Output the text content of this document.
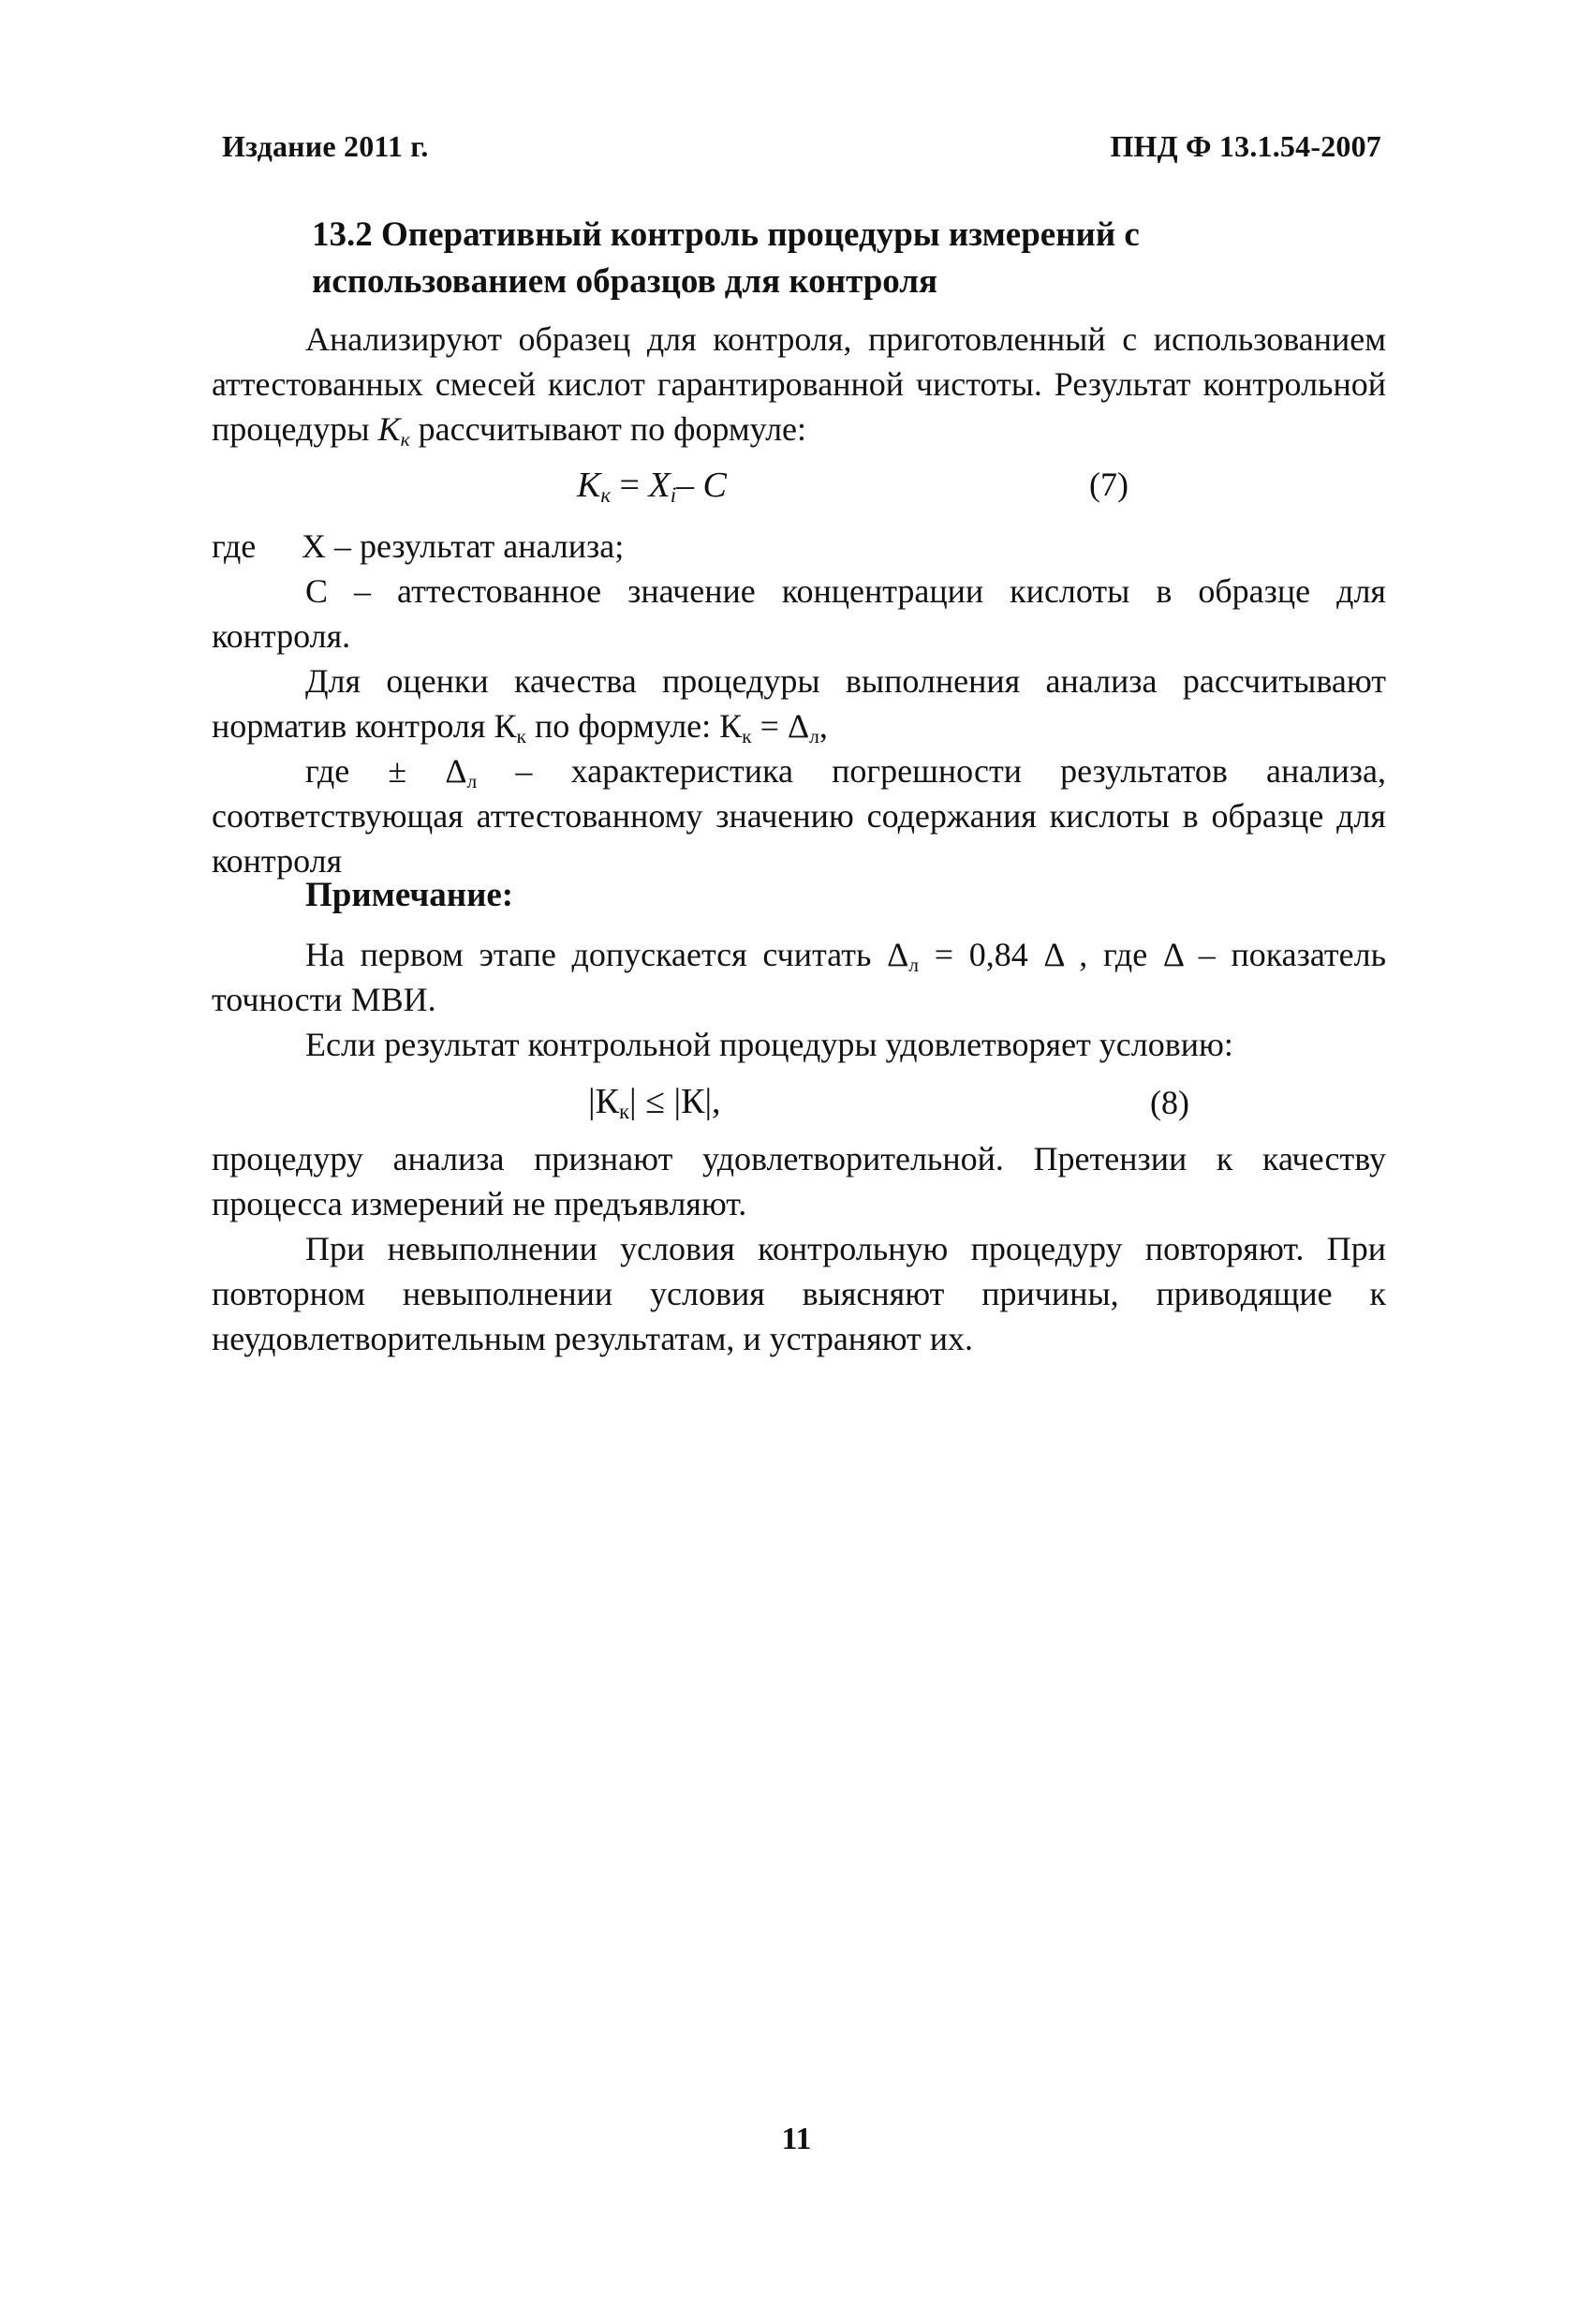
Издание 2011 г.	ПНД Ф 13.1.54-2007
13.2 Оперативный контроль процедуры измерений с использованием образцов для контроля
Анализируют образец для контроля, приготовленный с использованием аттестованных смесей кислот гарантированной чистоты. Результат контрольной процедуры $K_к$ рассчитывают по формуле:
$K_к = X_i-$ C	(7)
где X – результат анализа;
С – аттестованное значение концентрации кислоты в образце для контроля.
Для оценки качества процедуры выполнения анализа рассчитывают норматив контроля $К_к$ по формуле: $К_к = \Delta_л$,
где ± $\Delta_л$ – характеристика погрешности результатов анализа, соответствующая аттестованному значению содержания кислоты в образце для контроля
Примечание:
На первом этапе допускается считать $\Delta_л = 0,84$ Δ , где Δ – показатель точности МВИ.
Если результат контрольной процедуры удовлетворяет условию:
$|К_к| \le |К|$,	(8)
процедуру анализа признают удовлетворительной. Претензии к качеству процесса измерений не предъявляют.
При невыполнении условия контрольную процедуру повторяют. При повторном невыполнении условия выясняют причины, приводящие к неудовлетворительным результатам, и устраняют их.
11
